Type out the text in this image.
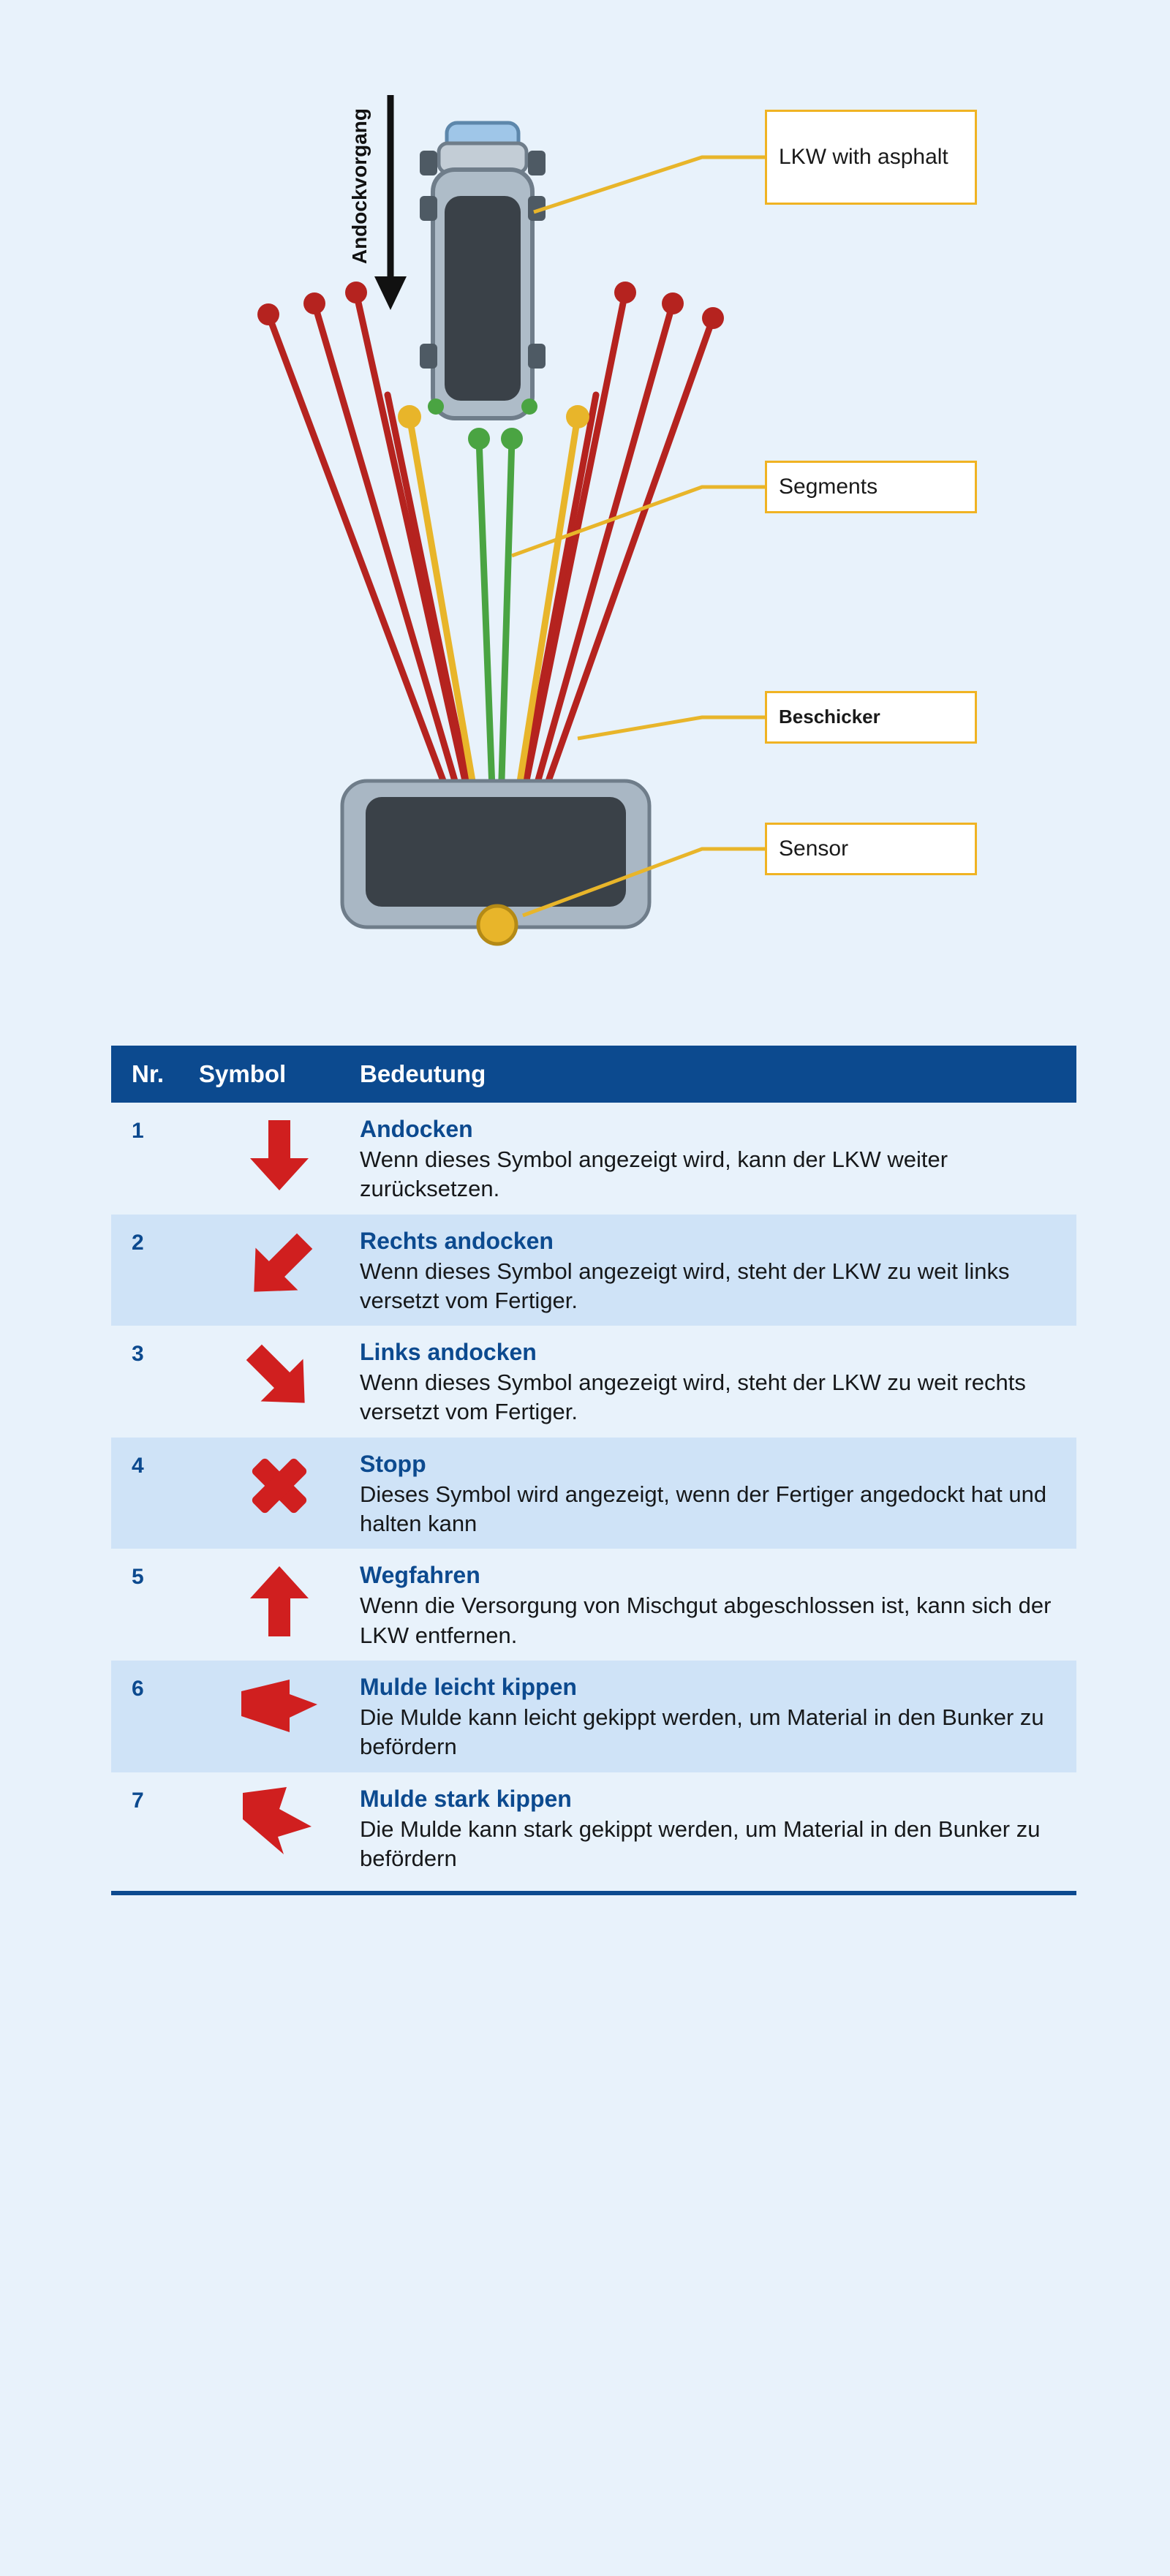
Andockvorgang	LKW with asphalt
Segments
Beschicker
Sensor
Nr.	Symbol	Bedeutung
1	Andocken
Wenn dieses Symbol angezeigt wird, kann der LKW weiter zurücksetzen.
2	Rechts andocken
Wenn dieses Symbol angezeigt wird, steht der LKW zu weit links versetzt vom Fertiger.
3	Links andocken
Wenn dieses Symbol angezeigt wird, steht der LKW zu weit rechts versetzt vom Fertiger.
4	Stopp
Dieses Symbol wird angezeigt, wenn der Fertiger angedockt hat und halten kann
5	Wegfahren
Wenn die Versorgung von Mischgut abgeschlossen ist, kann sich der LKW entfernen.
6	Mulde leicht kippen
Die Mulde kann leicht gekippt werden, um Material in den Bunker zu befördern
7	Mulde stark kippen
Die Mulde kann stark gekippt werden, um Material in den Bunker zu befördern
